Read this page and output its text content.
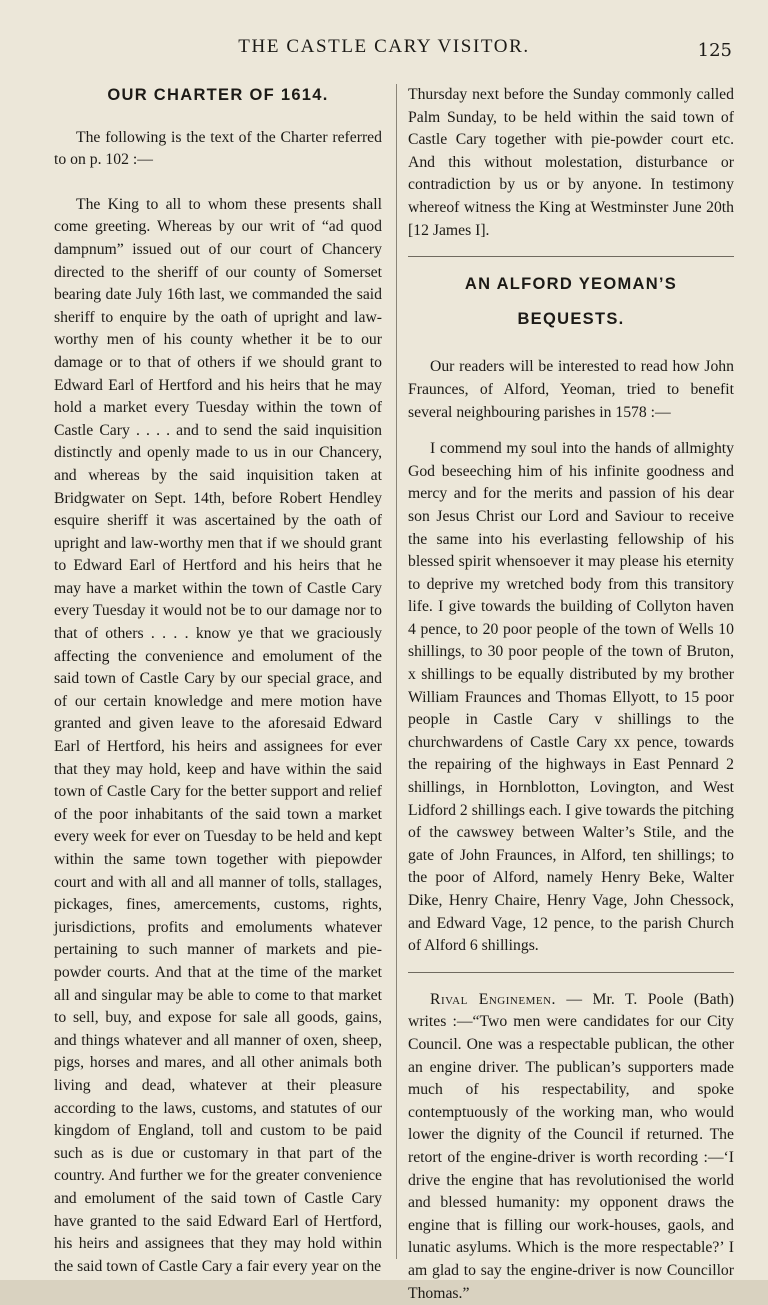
THE CASTLE CARY VISITOR.	125

OUR CHARTER OF 1614.

The following is the text of the Charter referred to on p. 102 :—

The King to all to whom these presents shall come greeting. Whereas by our writ of “ad quod dampnum” issued out of our court of Chancery directed to the sheriff of our county of Somerset bearing date July 16th last, we commanded the said sheriff to enquire by the oath of upright and law-worthy men of his county whether it be to our damage or to that of others if we should grant to Edward Earl of Hertford and his heirs that he may hold a market every Tuesday within the town of Castle Cary . . . . and to send the said inquisition distinctly and openly made to us in our Chancery, and whereas by the said inquisition taken at Bridgwater on Sept. 14th, before Robert Hendley esquire sheriff it was ascertained by the oath of upright and law-worthy men that if we should grant to Edward Earl of Hertford and his heirs that he may have a market within the town of Castle Cary every Tuesday it would not be to our damage nor to that of others . . . . know ye that we graciously affecting the convenience and emolument of the said town of Castle Cary by our special grace, and of our certain knowledge and mere motion have granted and given leave to the aforesaid Edward Earl of Hertford, his heirs and assignees for ever that they may hold, keep and have within the said town of Castle Cary for the better support and relief of the poor inhabitants of the said town a market every week for ever on Tuesday to be held and kept within the same town together with piepowder court and with all and all manner of tolls, stallages, pickages, fines, amercements, customs, rights, jurisdictions, profits and emoluments whatever pertaining to such manner of markets and pie-powder courts. And that at the time of the market all and singular may be able to come to that market to sell, buy, and expose for sale all goods, gains, and things whatever and all manner of oxen, sheep, pigs, horses and mares, and all other animals both living and dead, whatever at their pleasure according to the laws, customs, and statutes of our kingdom of England, toll and custom to be paid such as is due or customary in that part of the country. And further we for the greater convenience and emolument of the said town of Castle Cary have granted to the said Edward Earl of Hertford, his heirs and assignees that they may hold within the said town of Castle Cary a fair every year on the

Thursday next before the Sunday commonly called Palm Sunday, to be held within the said town of Castle Cary together with pie-powder court etc. And this without molestation, disturbance or contradiction by us or by anyone. In testimony whereof witness the King at Westminster June 20th [12 James I].

AN ALFORD YEOMAN’S

BEQUESTS.

Our readers will be interested to read how John Fraunces, of Alford, Yeoman, tried to benefit several neighbouring parishes in 1578 :—

I commend my soul into the hands of allmighty God beseeching him of his infinite goodness and mercy and for the merits and passion of his dear son Jesus Christ our Lord and Saviour to receive the same into his everlasting fellowship of his blessed spirit whensoever it may please his eternity to deprive my wretched body from this transitory life. I give towards the building of Collyton haven 4 pence, to 20 poor people of the town of Wells 10 shillings, to 30 poor people of the town of Bruton, x shillings to be equally distributed by my brother William Fraunces and Thomas Ellyott, to 15 poor people in Castle Cary v shillings to the churchwardens of Castle Cary xx pence, towards the repairing of the highways in East Pennard 2 shillings, in Hornblotton, Lovington, and West Lidford 2 shillings each. I give towards the pitching of the cawswey between Walter’s Stile, and the gate of John Fraunces, in Alford, ten shillings; to the poor of Alford, namely Henry Beke, Walter Dike, Henry Chaire, Henry Vage, John Chessock, and Edward Vage, 12 pence, to the parish Church of Alford 6 shillings.

Rival Enginemen. — Mr. T. Poole (Bath) writes :—“Two men were candidates for our City Council. One was a respectable publican, the other an engine driver. The publican’s supporters made much of his respectability, and spoke contemptuously of the working man, who would lower the dignity of the Council if returned. The retort of the engine-driver is worth recording :—‘I drive the engine that has revolutionised the world and blessed humanity: my opponent draws the engine that is filling our work-houses, gaols, and lunatic asylums. Which is the more respectable?’ I am glad to say the engine-driver is now Councillor Thomas.”
